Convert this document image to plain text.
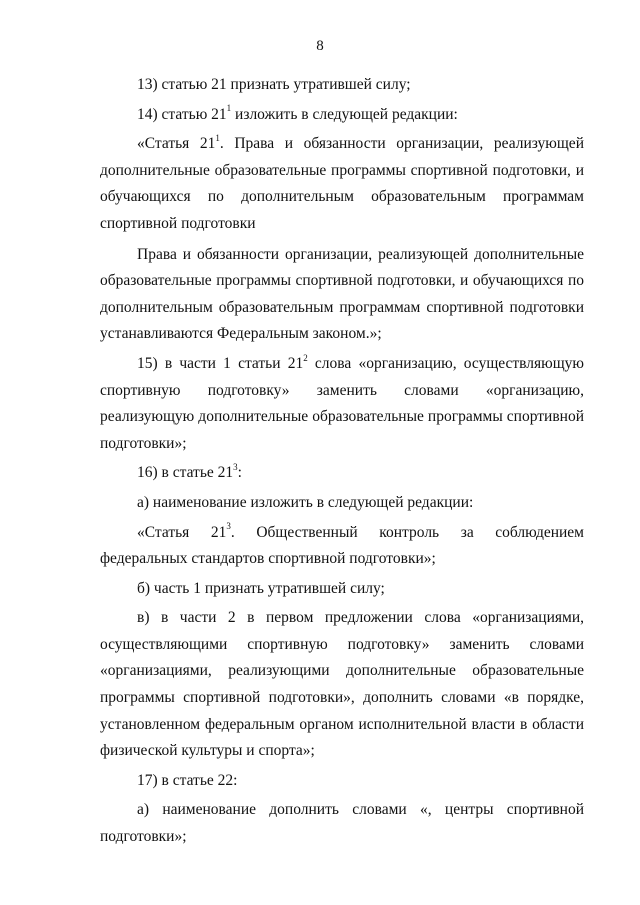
8

13) статью 21 признать утратившей силу;

14) статью $21^1$ изложить в следующей редакции:

«Статья $21^1$. Права и обязанности организации, реализующей дополнительные образовательные программы спортивной подготовки, и обучающихся по дополнительным образовательным программам

спортивной подготовки

Права и обязанности организации, реализующей дополнительные образовательные программы спортивной подготовки, и обучающихся по дополнительным образовательным программам спортивной подготовки устанавливаются Федеральным законом.»;

15) в части 1 статьи $21^2$ слова «организацию, осуществляющую спортивную подготовку» заменить словами «организацию, реализующую дополнительные образовательные программы спортивной подготовки»;

16) в статье $21^3$:

а) наименование изложить в следующей редакции:

«Статья $21^3$. Общественный контроль за соблюдением федеральных стандартов спортивной подготовки»;

б) часть 1 признать утратившей силу;

в) в части 2 в первом предложении слова «организациями, осуществляющими спортивную подготовку» заменить словами «организациями, реализующими дополнительные образовательные программы спортивной подготовки», дополнить словами «в порядке, установленном федеральным органом исполнительной власти в области физической культуры и спорта»;

17) в статье 22:

а) наименование дополнить словами «, центры спортивной подготовки»;
